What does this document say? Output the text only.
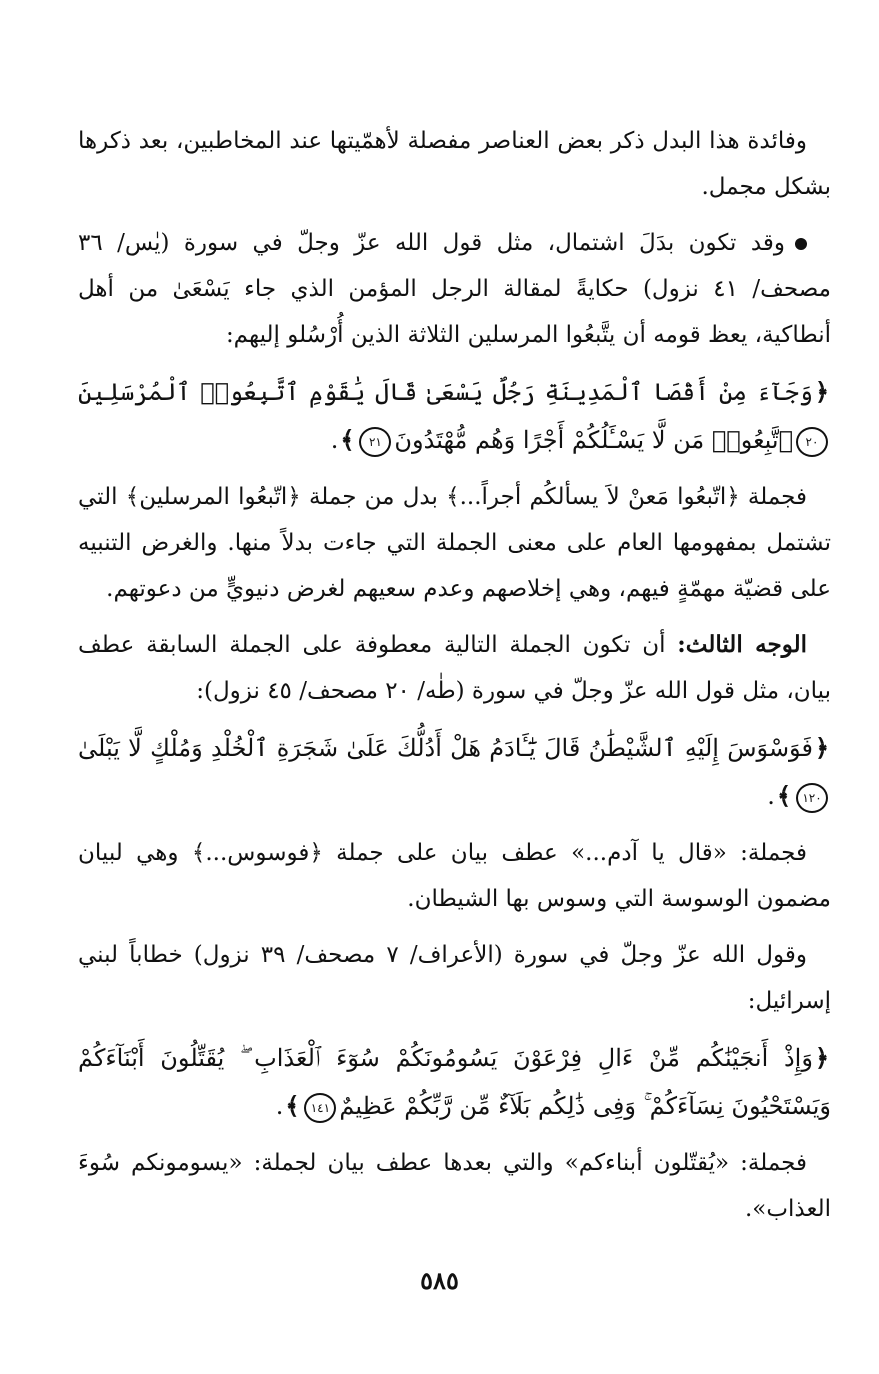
وفائدة هذا البدل ذكر بعض العناصر مفصلة لأهمّيتها عند المخاطبين، بعد ذكرها بشكل مجمل.

وقد تكون بدَلَ اشتمال، مثل قول الله عزّ وجلّ في سورة (يٰس/ ٣٦ مصحف/ ٤١ نزول) حكايةً لمقالة الرجل المؤمن الذي جاء يَسْعَىٰ من أهل أنطاكية، يعظ قومه أن يتَّبعُوا المرسلين الثلاثة الذين أُرْسُلو إليهم:

﴿وَجَآءَ مِنْ أَقْصَا ٱلْمَدِينَةِ رَجُلٌ يَسْعَىٰ قَالَ يَٰقَوْمِ ٱتَّبِعُوا۟ ٱلْمُرْسَلِينَ٢٠ٱتَّبِعُوا۟ مَن لَّا يَسْـَٔلُكُمْ أَجْرًا وَهُم مُّهْتَدُونَ٢١﴾.

فجملة ﴿اتّبعُوا مَعنْ لاَ يسألكُم أجراً...﴾ بدل من جملة ﴿اتّبعُوا المرسلين﴾ التي تشتمل بمفهومها العام على معنى الجملة التي جاءت بدلاً منها. والغرض التنبيه على قضيّة مهمّةٍ فيهم، وهي إخلاصهم وعدم سعيهم لغرض دنيويٍّ من دعوتهم.

الوجه الثالث: أن تكون الجملة التالية معطوفة على الجملة السابقة عطف بيان، مثل قول الله عزّ وجلّ في سورة (طٰه/ ٢٠ مصحف/ ٤٥ نزول):

﴿فَوَسْوَسَ إِلَيْهِ ٱلشَّيْطَٰنُ قَالَ يَٰٓـَٔادَمُ هَلْ أَدُلُّكَ عَلَىٰ شَجَرَةِ ٱلْخُلْدِ وَمُلْكٍ لَّا يَبْلَىٰ١٢٠﴾.

فجملة: «قال يا آدم...» عطف بيان على جملة ﴿فوسوس...﴾ وهي لبيان مضمون الوسوسة التي وسوس بها الشيطان.

وقول الله عزّ وجلّ في سورة (الأعراف/ ٧ مصحف/ ٣٩ نزول) خطاباً لبني إسرائيل:

﴿وَإِذْ أَنجَيْنَٰكُم مِّنْ ءَالِ فِرْعَوْنَ يَسُومُونَكُمْ سُوٓءَ ٱلْعَذَابِ ۖ يُقَتِّلُونَ أَبْنَآءَكُمْ وَيَسْتَحْيُونَ نِسَآءَكُمْ ۚ وَفِى ذَٰلِكُم بَلَآءٌ مِّن رَّبِّكُمْ عَظِيمٌ١٤١﴾.

فجملة: «يُقتّلون أبناءكم» والتي بعدها عطف بيان لجملة: «يسومونكم سُوءَ العذاب».

٥٨٥
